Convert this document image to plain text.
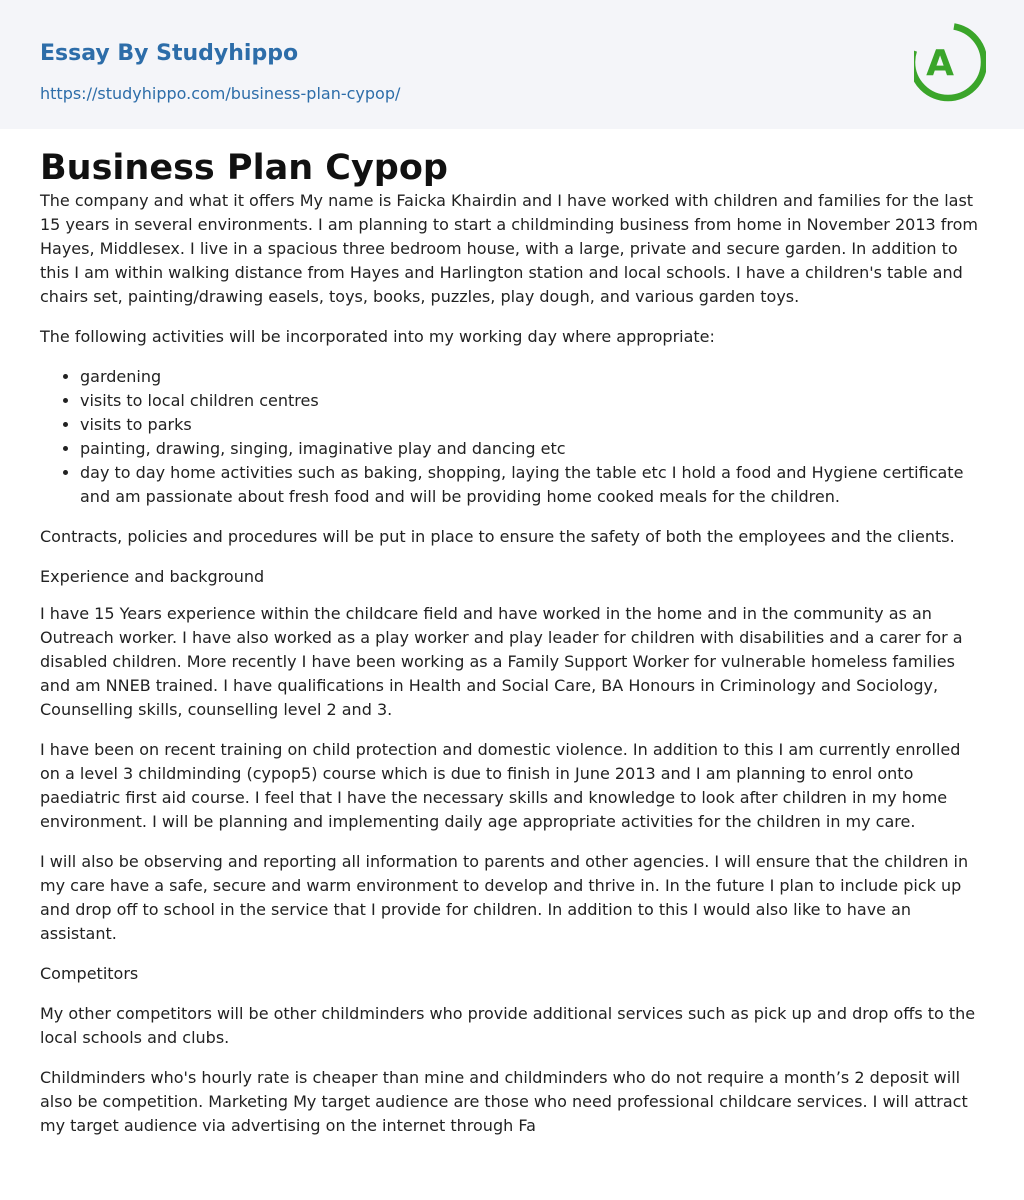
Essay By Studyhippo
https://studyhippo.com/business-plan-cypop/
A
Business Plan Cypop

The company and what it offers My name is Faicka Khairdin and I have worked with children and families for the last 15 years in several environments. I am planning to start a childminding business from home in November 2013 from Hayes, Middlesex. I live in a spacious three bedroom house, with a large, private and secure garden. In addition to this I am within walking distance from Hayes and Harlington station and local schools. I have a children's table and chairs set, painting/drawing easels, toys, books, puzzles, play dough, and various garden toys.

The following activities will be incorporated into my working day where appropriate:

• gardening
• visits to local children centres
• visits to parks
• painting, drawing, singing, imaginative play and dancing etc
• day to day home activities such as baking, shopping, laying the table etc I hold a food and Hygiene certificate and am passionate about fresh food and will be providing home cooked meals for the children.

Contracts, policies and procedures will be put in place to ensure the safety of both the employees and the clients.

Experience and background

I have 15 Years experience within the childcare field and have worked in the home and in the community as an Outreach worker. I have also worked as a play worker and play leader for children with disabilities and a carer for a disabled children. More recently I have been working as a Family Support Worker for vulnerable homeless families and am NNEB trained. I have qualifications in Health and Social Care, BA Honours in Criminology and Sociology, Counselling skills, counselling level 2 and 3.

I have been on recent training on child protection and domestic violence. In addition to this I am currently enrolled on a level 3 childminding (cypop5) course which is due to finish in June 2013 and I am planning to enrol onto paediatric first aid course. I feel that I have the necessary skills and knowledge to look after children in my home environment. I will be planning and implementing daily age appropriate activities for the children in my care.

I will also be observing and reporting all information to parents and other agencies. I will ensure that the children in my care have a safe, secure and warm environment to develop and thrive in. In the future I plan to include pick up and drop off to school in the service that I provide for children. In addition to this I would also like to have an assistant.

Competitors

My other competitors will be other childminders who provide additional services such as pick up and drop offs to the local schools and clubs.

Childminders who's hourly rate is cheaper than mine and childminders who do not require a month’s 2 deposit will also be competition. Marketing My target audience are those who need professional childcare services. I will attract my target audience via advertising on the internet through Fa
